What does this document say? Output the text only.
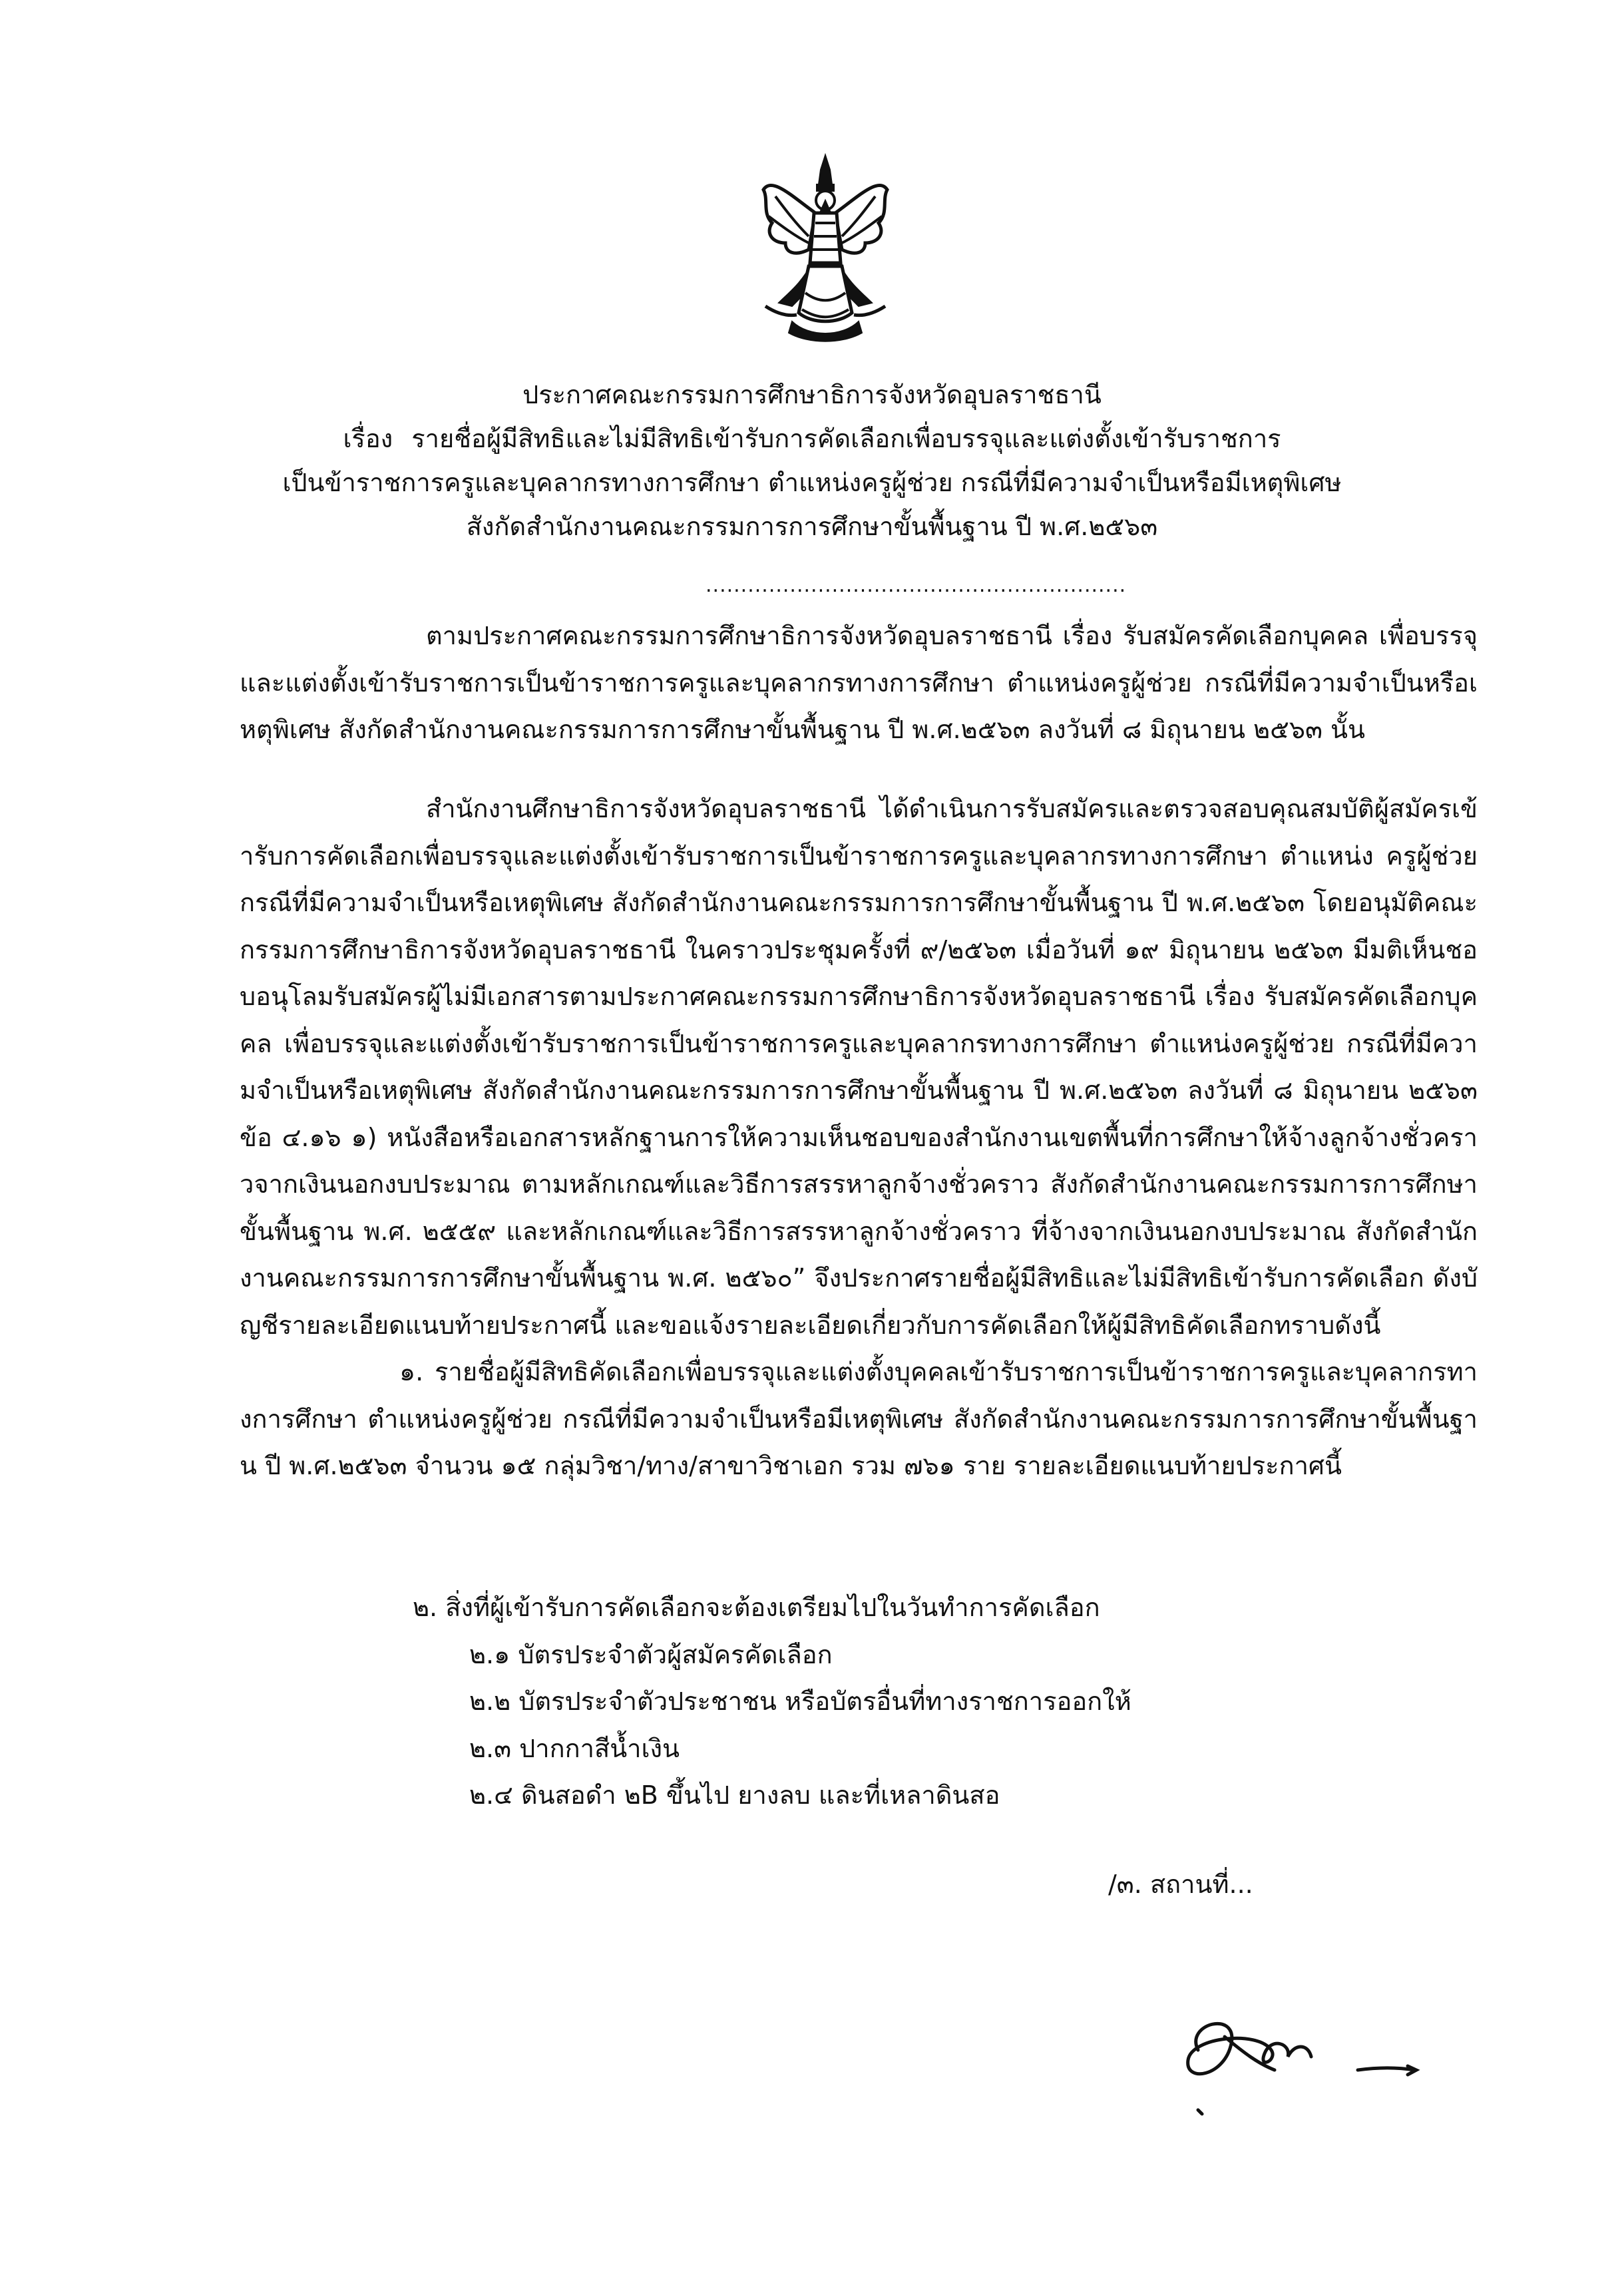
ประกาศคณะกรรมการศึกษาธิการจังหวัดอุบลราชธานี
เรื่อง รายชื่อผู้มีสิทธิและไม่มีสิทธิเข้ารับการคัดเลือกเพื่อบรรจุและแต่งตั้งเข้ารับราชการ
เป็นข้าราชการครูและบุคลากรทางการศึกษา ตำแหน่งครูผู้ช่วย กรณีที่มีความจำเป็นหรือมีเหตุพิเศษ
สังกัดสำนักงานคณะกรรมการการศึกษาขั้นพื้นฐาน ปี พ.ศ.๒๕๖๓
............................................................

ตามประกาศคณะกรรมการศึกษาธิการจังหวัดอุบลราชธานี เรื่อง รับสมัครคัดเลือกบุคคล เพื่อบรรจุและแต่งตั้งเข้ารับราชการเป็นข้าราชการครูและบุคลากรทางการศึกษา ตำแหน่งครูผู้ช่วย กรณีที่มีความจำเป็นหรือเหตุพิเศษ สังกัดสำนักงานคณะกรรมการการศึกษาขั้นพื้นฐาน ปี พ.ศ.๒๕๖๓ ลงวันที่ ๘ มิถุนายน ๒๕๖๓ นั้น

สำนักงานศึกษาธิการจังหวัดอุบลราชธานี ได้ดำเนินการรับสมัครและตรวจสอบคุณสมบัติผู้สมัครเข้ารับการคัดเลือกเพื่อบรรจุและแต่งตั้งเข้ารับราชการเป็นข้าราชการครูและบุคลากรทางการศึกษา ตำแหน่ง ครูผู้ช่วย กรณีที่มีความจำเป็นหรือเหตุพิเศษ สังกัดสำนักงานคณะกรรมการการศึกษาขั้นพื้นฐาน ปี พ.ศ.๒๕๖๓ โดยอนุมัติคณะกรรมการศึกษาธิการจังหวัดอุบลราชธานี ในคราวประชุมครั้งที่ ๙/๒๕๖๓ เมื่อวันที่ ๑๙ มิถุนายน ๒๕๖๓ มีมติเห็นชอบอนุโลมรับสมัครผู้ไม่มีเอกสารตามประกาศคณะกรรมการศึกษาธิการจังหวัดอุบลราชธานี เรื่อง รับสมัครคัดเลือกบุคคล เพื่อบรรจุและแต่งตั้งเข้ารับราชการเป็นข้าราชการครูและบุคลากรทางการศึกษา ตำแหน่งครูผู้ช่วย กรณีที่มีความจำเป็นหรือเหตุพิเศษ สังกัดสำนักงานคณะกรรมการการศึกษาขั้นพื้นฐาน ปี พ.ศ.๒๕๖๓ ลงวันที่ ๘ มิถุนายน ๒๕๖๓ ข้อ ๔.๑๖ ๑) หนังสือหรือเอกสารหลักฐานการให้ความเห็นชอบของสำนักงานเขตพื้นที่การศึกษาให้จ้างลูกจ้างชั่วคราวจากเงินนอกงบประมาณ ตามหลักเกณฑ์และวิธีการสรรหาลูกจ้างชั่วคราว สังกัดสำนักงานคณะกรรมการการศึกษาขั้นพื้นฐาน พ.ศ. ๒๕๕๙ และหลักเกณฑ์และวิธีการสรรหาลูกจ้างชั่วคราว ที่จ้างจากเงินนอกงบประมาณ สังกัดสำนักงานคณะกรรมการการศึกษาขั้นพื้นฐาน พ.ศ. ๒๕๖๐” จึงประกาศรายชื่อผู้มีสิทธิและไม่มีสิทธิเข้ารับการคัดเลือก ดังบัญชีรายละเอียดแนบท้ายประกาศนี้ และขอแจ้งรายละเอียดเกี่ยวกับการคัดเลือกให้ผู้มีสิทธิคัดเลือกทราบดังนี้

๑. รายชื่อผู้มีสิทธิคัดเลือกเพื่อบรรจุและแต่งตั้งบุคคลเข้ารับราชการเป็นข้าราชการครูและบุคลากรทางการศึกษา ตำแหน่งครูผู้ช่วย กรณีที่มีความจำเป็นหรือมีเหตุพิเศษ สังกัดสำนักงานคณะกรรมการการศึกษาขั้นพื้นฐาน ปี พ.ศ.๒๕๖๓ จำนวน ๑๕ กลุ่มวิชา/ทาง/สาขาวิชาเอก รวม ๗๖๑ ราย รายละเอียดแนบท้ายประกาศนี้

๒. สิ่งที่ผู้เข้ารับการคัดเลือกจะต้องเตรียมไปในวันทำการคัดเลือก

๒.๑ บัตรประจำตัวผู้สมัครคัดเลือก

๒.๒ บัตรประจำตัวประชาชน หรือบัตรอื่นที่ทางราชการออกให้

๒.๓ ปากกาสีน้ำเงิน

๒.๔ ดินสอดำ ๒B ขึ้นไป ยางลบ และที่เหลาดินสอ

/๓. สถานที่...
